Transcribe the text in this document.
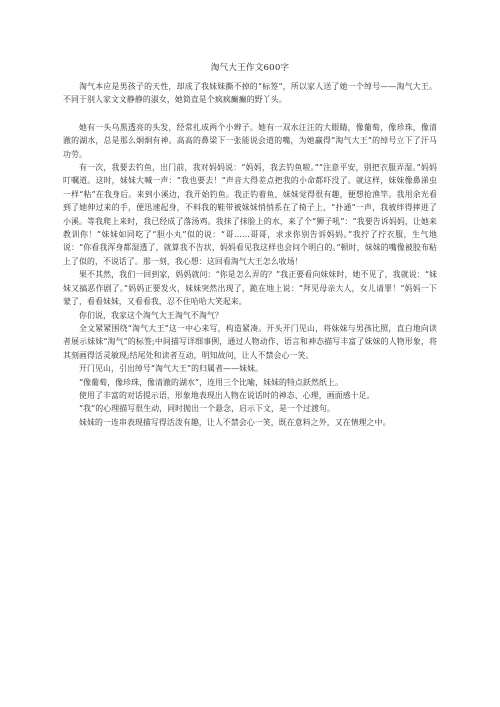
淘气大王作文600字

淘气本应是男孩子的天性，却成了我妹妹撕不掉的“标签”，所以家人送了她一个绰号——淘气大王。不同于别人家文文静静的淑女，她简直是个疯疯癫癫的野丫头。

她有一头乌黑透亮的头发，经常扎成两个小辫子。她有一双水汪汪的大眼睛，像葡萄，像珍珠，像清澈的湖水，总是那么炯炯有神。高高的鼻梁下一张能说会道的嘴，为她赢得“淘气大王”的绰号立下了汗马功劳。

有一次，我要去钓鱼，出门前，我对妈妈说：“妈妈，我去钓鱼啦。”“注意平安，别把衣服弄湿。”妈妈叮嘱道。这时，妹妹大喊一声：“我也要去！”声音大得差点把我的小命都吓没了。就这样，妹妹像鼻涕虫一样“粘”在我身后。来到小溪边，我开始钓鱼。我正钓着鱼，妹妹觉得很有趣，便想抢渔竿。我用余光看到了她伸过来的手，便迅速起身，不料我的鞋带被妹妹悄悄系在了椅子上，“扑通”一声，我被绊得摔进了小溪。等我爬上来时，我已经成了落汤鸡。我抹了抹脸上的水，来了个“狮子吼”：“我要告诉妈妈，让她来教训你！”妹妹如同吃了“胆小丸”似的说：“哥……哥哥，求求你别告诉妈妈。”我拧了拧衣服，生气地说：“你看我浑身都湿透了，就算我不告状，妈妈看见我这样也会问个明白的。”顿时，妹妹的嘴像被胶布粘上了似的，不说话了。那一刻，我心想：这回看淘气大王怎么收场！

果不其然，我们一回到家，妈妈就问：“你是怎么弄的？”我正要看向妹妹时，她不见了，我就说：“妹妹又搞恶作剧了。”妈妈正要发火，妹妹突然出现了，跪在地上说：“拜见母亲大人，女儿请罪！”妈妈一下蒙了，看看妹妹，又看看我，忍不住哈哈大笑起来。

你们说，我家这个淘气大王淘气不淘气？

全文紧紧围绕“淘气大王”这一中心来写，构造紧凑。开头开门见山，将妹妹与男孩比照，直白地向读者展示妹妹“淘气”的标签;中间描写详细事例，通过人物动作、语言和神态描写丰富了妹妹的人物形象，将其刻画得活灵敏现;结尾处和读者互动，明知故问，让人不禁会心一笑。

开门见山，引出绰号“淘气大王”的归属者——妹妹。

“像葡萄，像珍珠，像清澈的湖水”，连用三个比喻，妹妹的特点跃然纸上。

使用了丰富的对话提示语，形象地表现出人物在说话时的神态、心理，画面感十足。

“我”的心理描写很生动，同时抛出一个悬念，启示下文，是一个过渡句。

妹妹的一连串表现描写得活泼有趣，让人不禁会心一笑，既在意料之外，又在情理之中。
